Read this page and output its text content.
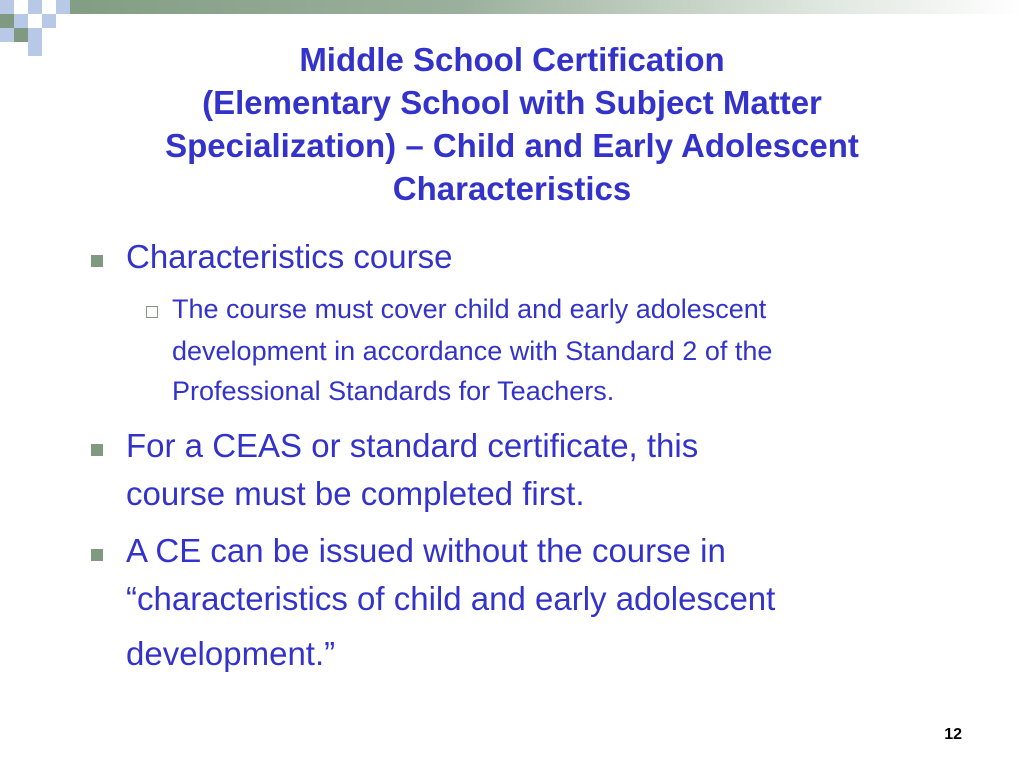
Middle School Certification
(Elementary School with Subject Matter
Specialization) – Child and Early Adolescent
Characteristics
Characteristics course
The course must cover child and early adolescent
development in accordance with Standard 2 of the
Professional Standards for Teachers.
For a CEAS or standard certificate, this
course must be completed first.
A CE can be issued without the course in
“characteristics of child and early adolescent
development.”
12
